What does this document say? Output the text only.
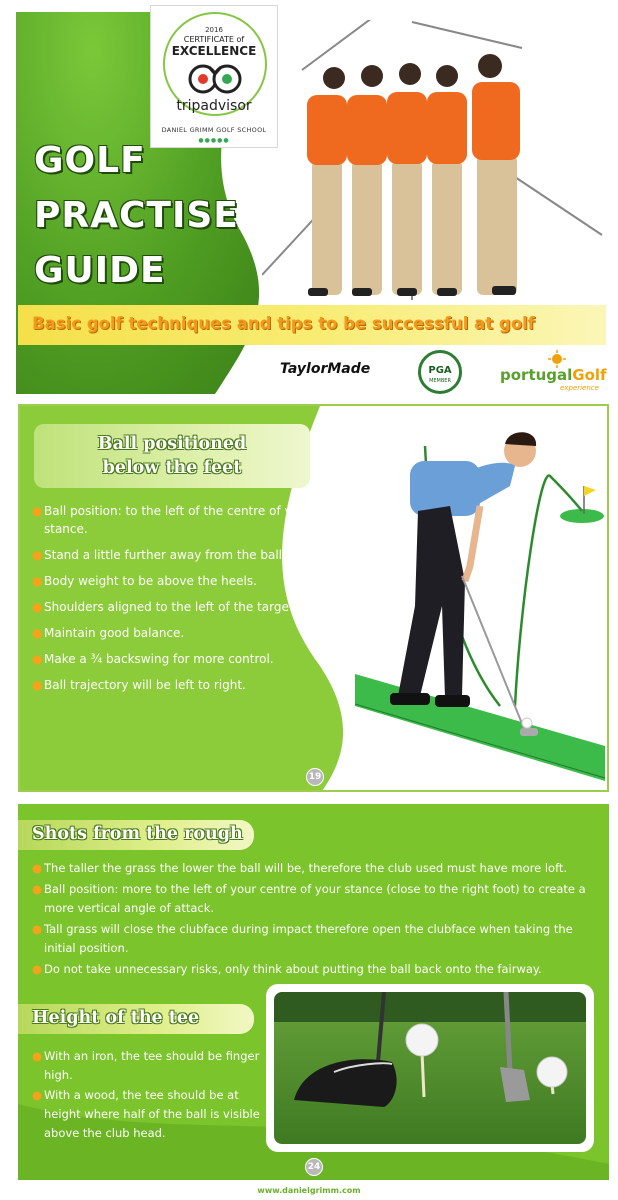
GOLF
PRACTISE
GUIDE
2016
CERTIFICATE of
EXCELLENCE
tripadvisor
DANIEL GRIMM GOLF SCHOOL
●●●●●
Basic golf techniques and tips to be successful at golf
TaylorMade	PGA
MEMBER	portugalGolf
experience
Ball positioned
below the feet
● Ball position: to the left of the centre of your stance.
● Stand a little further away from the ball.
● Body weight to be above the heels.
● Shoulders aligned to the left of the target.
● Maintain good balance.
● Make a ¾ backswing for more control.
● Ball trajectory will be left to right.
19
Shots from the rough
● The taller the grass the lower the ball will be, therefore the club used must have more loft.
● Ball position: more to the left of your centre of your stance (close to the right foot) to create a more vertical angle of attack.
● Tall grass will close the clubface during impact therefore open the clubface when taking the initial position.
● Do not take unnecessary risks, only think about putting the ball back onto the fairway.
Height of the tee
● With an iron, the tee should be finger high.
● With a wood, the tee should be at height where half of the ball is visible above the club head.
24
www.danielgrimm.com
